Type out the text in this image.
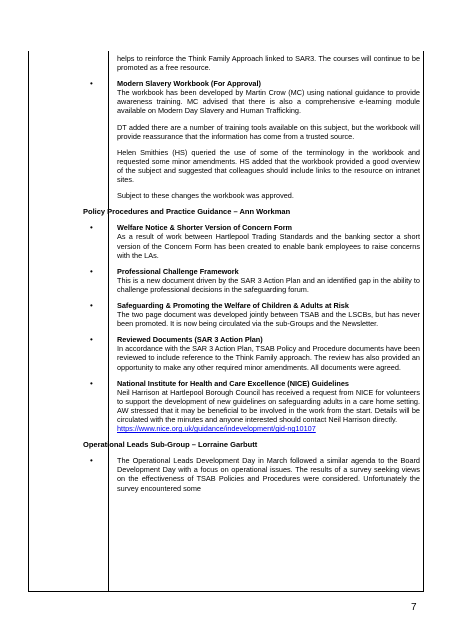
helps to reinforce the Think Family Approach linked to SAR3. The courses will continue to be promoted as a free resource.

•	Modern Slavery Workbook (For Approval)

The workbook has been developed by Martin Crow (MC) using national guidance to provide awareness training. MC advised that there is also a comprehensive e-learning module available on Modern Day Slavery and Human Trafficking.

DT added there are a number of training tools available on this subject, but the workbook will provide reassurance that the information has come from a trusted source.

Helen Smithies (HS) queried the use of some of the terminology in the workbook and requested some minor amendments. HS added that the workbook provided a good overview of the subject and suggested that colleagues should include links to the resource on intranet sites.

Subject to these changes the workbook was approved.

Policy Procedures and Practice Guidance – Ann Workman

•	Welfare Notice & Shorter Version of Concern Form

As a result of work between Hartlepool Trading Standards and the banking sector a short version of the Concern Form has been created to enable bank employees to raise concerns with the LAs.

•	Professional Challenge Framework

This is a new document driven by the SAR 3 Action Plan and an identified gap in the ability to challenge professional decisions in the safeguarding forum.

•	Safeguarding & Promoting the Welfare of Children & Adults at Risk

The two page document was developed jointly between TSAB and the LSCBs, but has never been promoted. It is now being circulated via the sub-Groups and the Newsletter.

•	Reviewed Documents (SAR 3 Action Plan)

In accordance with the SAR 3 Action Plan, TSAB Policy and Procedure documents have been reviewed to include reference to the Think Family approach. The review has also provided an opportunity to make any other required minor amendments. All documents were agreed.

•	National Institute for Health and Care Excellence (NICE) Guidelines

Neil Harrison at Hartlepool Borough Council has received a request from NICE for volunteers to support the development of new guidelines on safeguarding adults in a care home setting. AW stressed that it may be beneficial to be involved in the work from the start. Details will be circulated with the minutes and anyone interested should contact Neil Harrison directly.

https://www.nice.org.uk/guidance/indevelopment/gid-ng10107

Operational Leads Sub-Group – Lorraine Garbutt

•	The Operational Leads Development Day in March followed a similar agenda to the Board Development Day with a focus on operational issues. The results of a survey seeking views on the effectiveness of TSAB Policies and Procedures were considered. Unfortunately the survey encountered some

7
